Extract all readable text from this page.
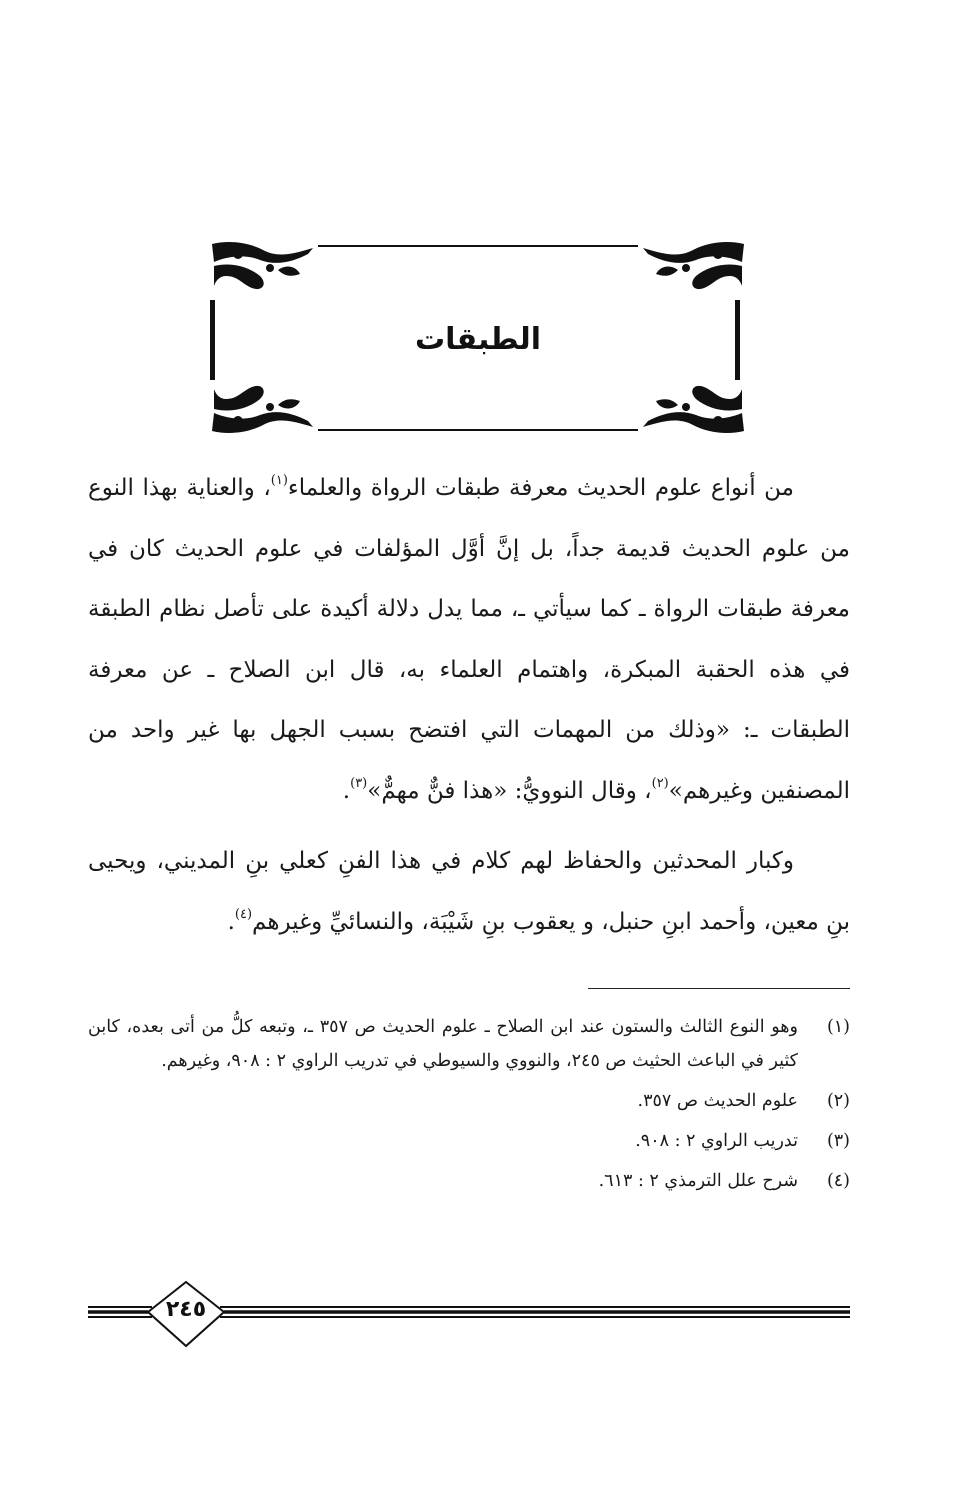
الطبقات

من أنواع علوم الحديث معرفة طبقات الرواة والعلماء$^{(١)}$، والعناية بهذا النوع من علوم الحديث قديمة جداً، بل إنَّ أوَّل المؤلفات في علوم الحديث كان في معرفة طبقات الرواة ـ كما سيأتي ـ، مما يدل دلالة أكيدة على تأصل نظام الطبقة في هذه الحقبة المبكرة، واهتمام العلماء به، قال ابن الصلاح ـ عن معرفة الطبقات ـ: «وذلك من المهمات التي افتضح بسبب الجهل بها غير واحد من المصنفين وغيرهم»$^{(٢)}$، وقال النوويُّ: «هذا فنٌّ مهمٌّ»$^{(٣)}$.

وكبار المحدثين والحفاظ لهم كلام في هذا الفنِ كعلي بنِ المديني، ويحيى بنِ معين، وأحمد ابنِ حنبل، و يعقوب بنِ شَيْبَة، والنسائيِّ وغيرهم$^{(٤)}$.

(١)
وهو النوع الثالث والستون عند ابن الصلاح ـ علوم الحديث ص ٣٥٧ ـ، وتبعه كلُّ من أتى بعده، كابن كثير في الباعث الحثيث ص ٢٤٥، والنووي والسيوطي في تدريب الراوي ٢ : ٩٠٨، وغيرهم.
(٢)
علوم الحديث ص ٣٥٧.
(٣)
تدريب الراوي ٢ : ٩٠٨.
(٤)
شرح علل الترمذي ٢ : ٦١٣.
٢٤٥
